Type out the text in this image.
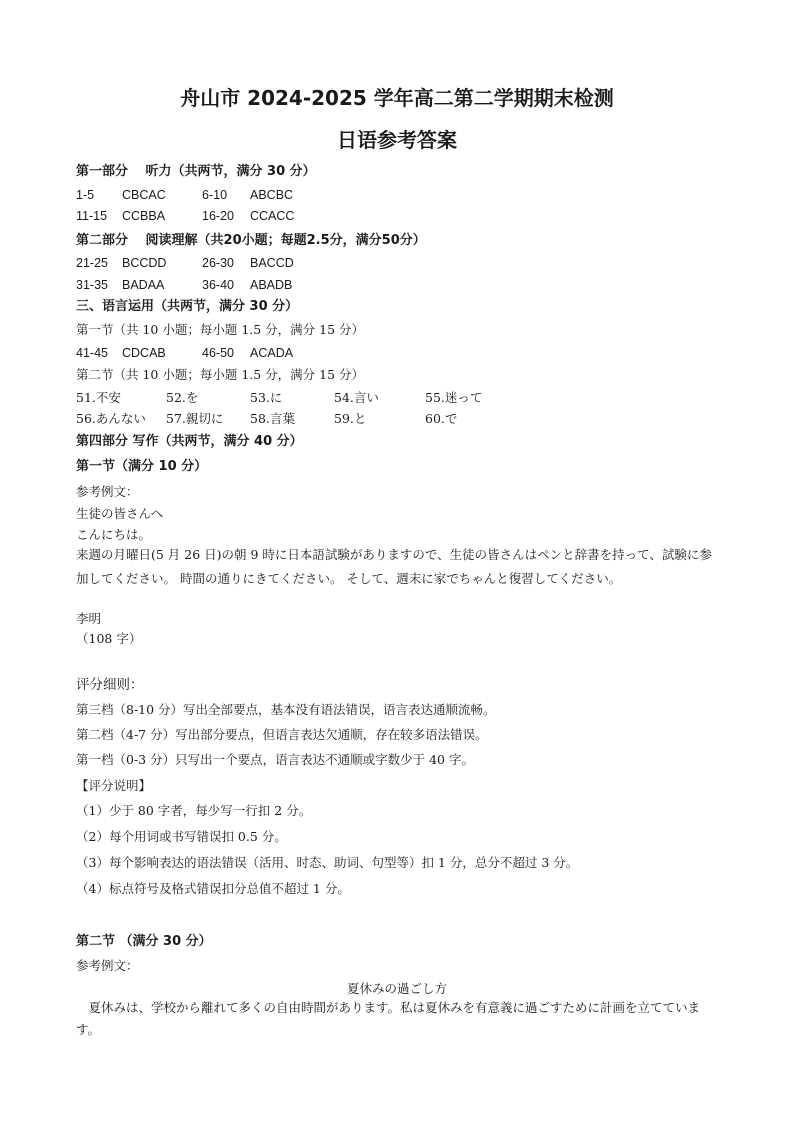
舟山市 2024-2025 学年高二第二学期期末检测
日语参考答案
第一部分　 听力（共两节，满分 30 分）
1-5 CBCAC	6-10 ABCBC
11-15 CCBBA	16-20 CCACC
第二部分　 阅读理解（共20小题；每题2.5分，满分50分）
21-25 BCCDD	26-30 BACCD
31-35 BADAA	36-40 ABADB
三、语言运用（共两节，满分 30 分）
第一节（共 10 小题；每小题 1.5 分，满分 15 分）
41-45 CDCAB	46-50 ACADA
第二节（共 10 小题；每小题 1.5 分，满分 15 分）
51.不安	52.を	53.に	54.言い	55.迷って
56.あんない 57.親切に 58.言葉	59.と	60.で
第四部分 写作（共两节，满分 40 分）
第一节（满分 10 分）
参考例文：
生徒の皆さんへ
こんにちは。
来週の月曜日(5 月 26 日)の朝 9 時に日本語試験がありますので、生徒の皆さんはペンと辞書を持って、試験に参加してください。 時間の通りにきてください。 そして、週末に家でちゃんと復習してください。
李明
（108 字）
评分细则：
第三档（8-10 分）写出全部要点，基本没有语法错误，语言表达通顺流畅。
第二档（4-7 分）写出部分要点，但语言表达欠通顺，存在较多语法错误。
第一档（0-3 分）只写出一个要点，语言表达不通顺或字数少于 40 字。
【评分说明】
（1）少于 80 字者，每少写一行扣 2 分。
（2）每个用词或书写错误扣 0.5 分。
（3）每个影响表达的语法错误（活用、时态、助词、句型等）扣 1 分，总分不超过 3 分。
（4）标点符号及格式错误扣分总值不超过 1 分。
第二节 （满分 30 分）
参考例文：
夏休みの過ごし方
　夏休みは、学校から離れて多くの自由時間があります。私は夏休みを有意義に過ごすために計画を立てています。
